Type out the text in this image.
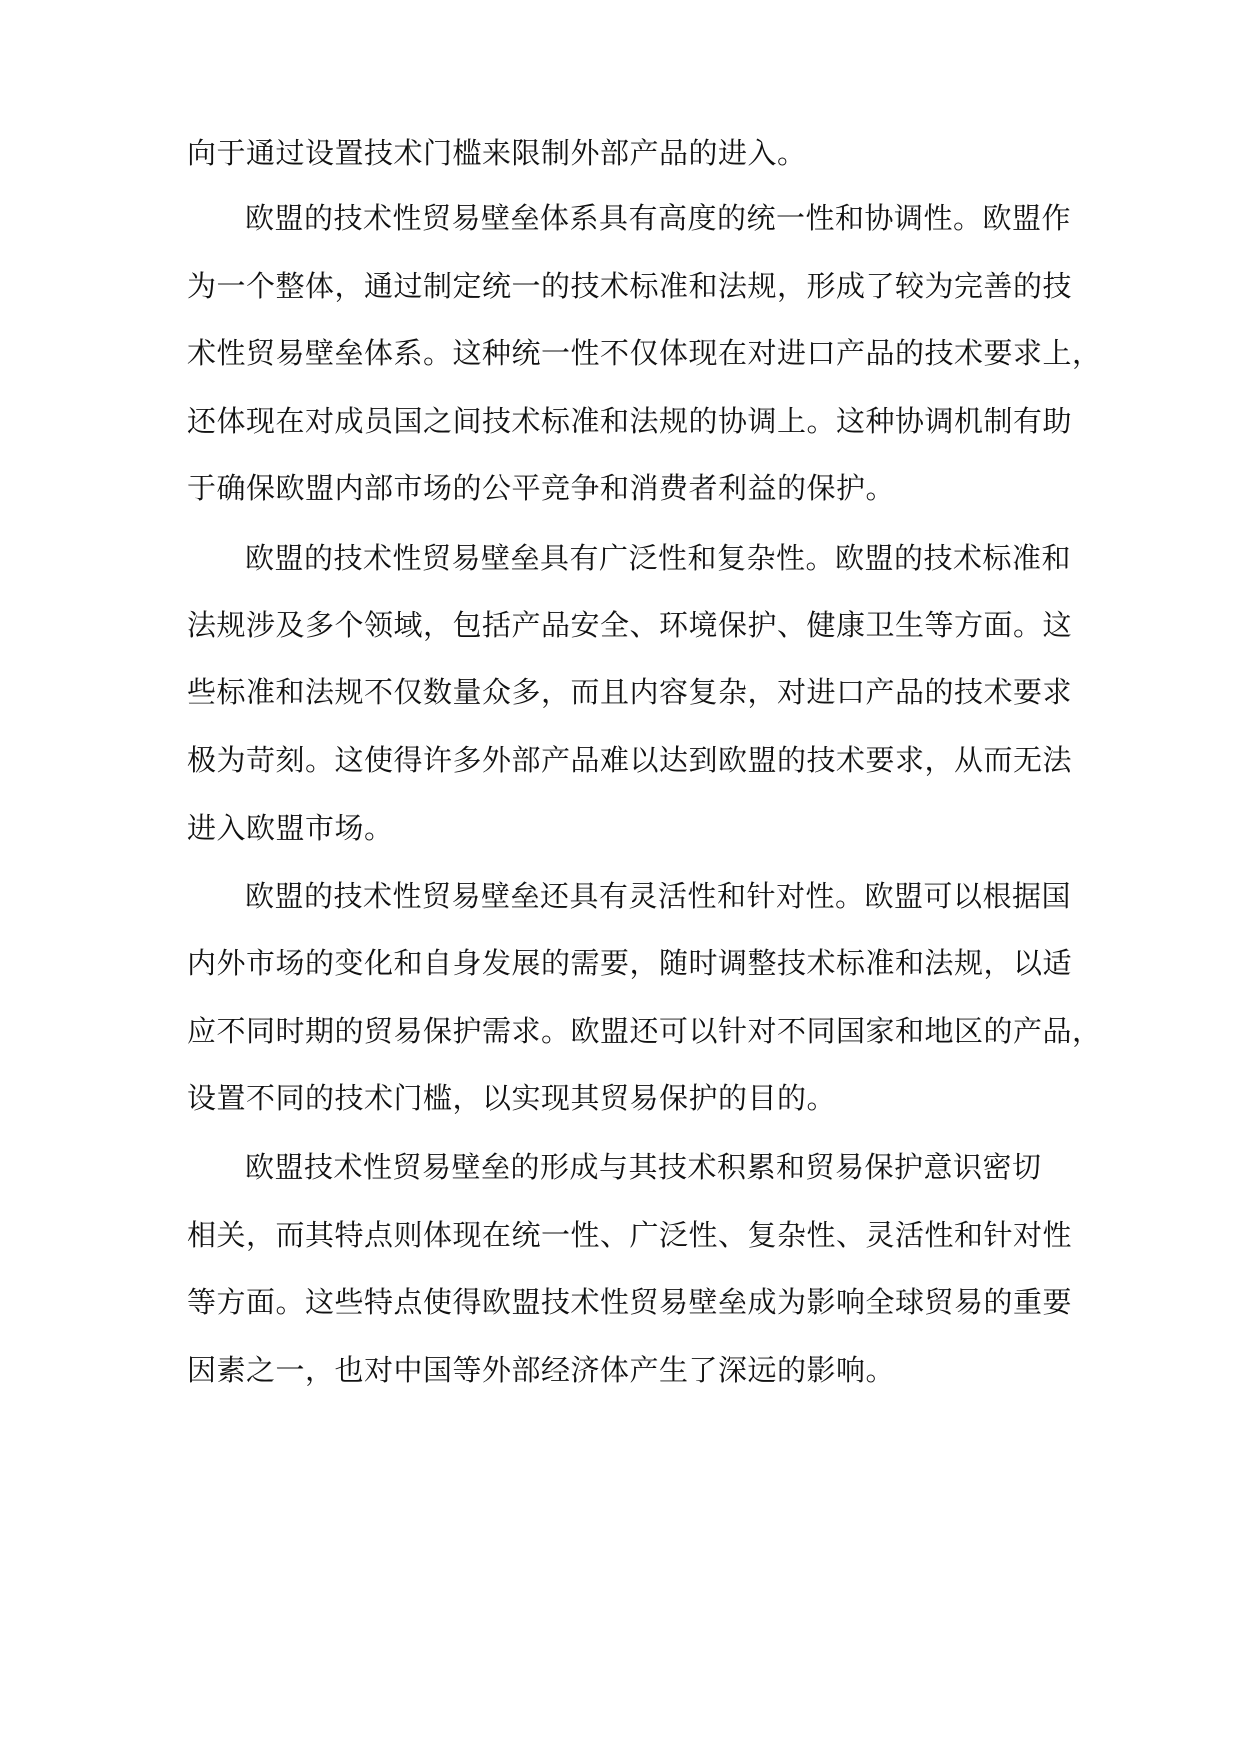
向于通过设置技术门槛来限制外部产品的进入。
欧盟的技术性贸易壁垒体系具有高度的统一性和协调性。欧盟作
为一个整体，通过制定统一的技术标准和法规，形成了较为完善的技
术性贸易壁垒体系。这种统一性不仅体现在对进口产品的技术要求上，
还体现在对成员国之间技术标准和法规的协调上。这种协调机制有助
于确保欧盟内部市场的公平竞争和消费者利益的保护。
欧盟的技术性贸易壁垒具有广泛性和复杂性。欧盟的技术标准和
法规涉及多个领域，包括产品安全、环境保护、健康卫生等方面。这
些标准和法规不仅数量众多，而且内容复杂，对进口产品的技术要求
极为苛刻。这使得许多外部产品难以达到欧盟的技术要求，从而无法
进入欧盟市场。
欧盟的技术性贸易壁垒还具有灵活性和针对性。欧盟可以根据国
内外市场的变化和自身发展的需要，随时调整技术标准和法规，以适
应不同时期的贸易保护需求。欧盟还可以针对不同国家和地区的产品，
设置不同的技术门槛，以实现其贸易保护的目的。
欧盟技术性贸易壁垒的形成与其技术积累和贸易保护意识密切
相关，而其特点则体现在统一性、广泛性、复杂性、灵活性和针对性
等方面。这些特点使得欧盟技术性贸易壁垒成为影响全球贸易的重要
因素之一，也对中国等外部经济体产生了深远的影响。
